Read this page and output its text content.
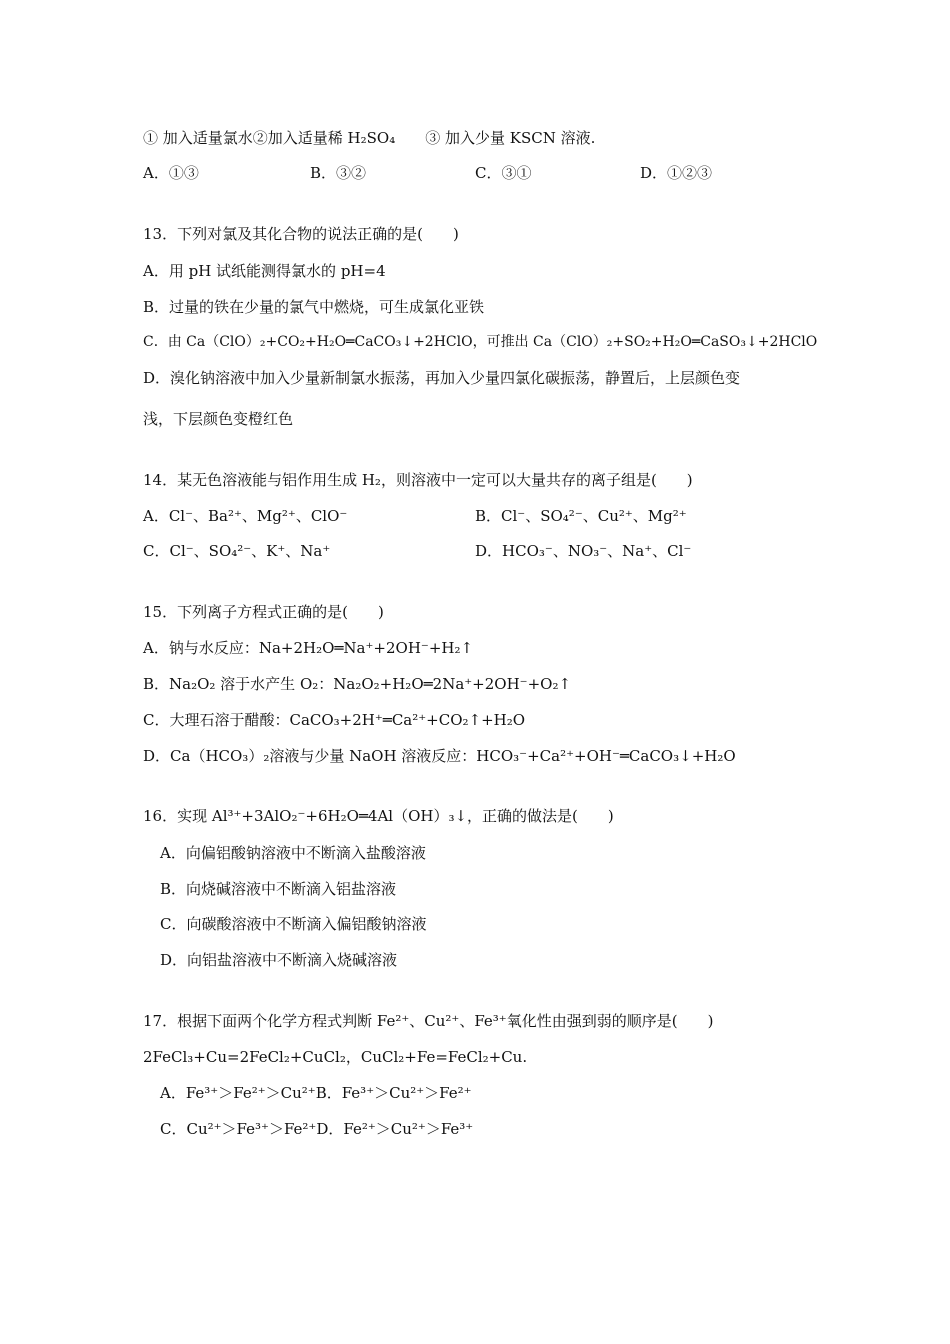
① 加入适量氯水②加入适量稀 H₂SO₄　　③ 加入少量 KSCN 溶液.
A．①③	B．③②	C．③①	D．①②③
13．下列对氯及其化合物的说法正确的是(　　)
A．用 pH 试纸能测得氯水的 pH=4
B．过量的铁在少量的氯气中燃烧，可生成氯化亚铁
C．由 Ca（ClO）₂+CO₂+H₂O═CaCO₃↓+2HClO，可推出 Ca（ClO）₂+SO₂+H₂O═CaSO₃↓+2HClO
D．溴化钠溶液中加入少量新制氯水振荡，再加入少量四氯化碳振荡，静置后，上层颜色变
浅，下层颜色变橙红色
14．某无色溶液能与铝作用生成 H₂，则溶液中一定可以大量共存的离子组是(　　)
A．Cl⁻、Ba²⁺、Mg²⁺、ClO⁻	B．Cl⁻、SO₄²⁻、Cu²⁺、Mg²⁺
C．Cl⁻、SO₄²⁻、K⁺、Na⁺	D．HCO₃⁻、NO₃⁻、Na⁺、Cl⁻
15．下列离子方程式正确的是(　　)
A．钠与水反应：Na+2H₂O═Na⁺+2OH⁻+H₂↑
B．Na₂O₂ 溶于水产生 O₂：Na₂O₂+H₂O═2Na⁺+2OH⁻+O₂↑
C．大理石溶于醋酸：CaCO₃+2H⁺═Ca²⁺+CO₂↑+H₂O
D．Ca（HCO₃）₂溶液与少量 NaOH 溶液反应：HCO₃⁻+Ca²⁺+OH⁻═CaCO₃↓+H₂O
16．实现 Al³⁺+3AlO₂⁻+6H₂O═4Al（OH）₃↓，正确的做法是(　　)
A．向偏铝酸钠溶液中不断滴入盐酸溶液
B．向烧碱溶液中不断滴入铝盐溶液
C．向碳酸溶液中不断滴入偏铝酸钠溶液
D．向铝盐溶液中不断滴入烧碱溶液
17．根据下面两个化学方程式判断 Fe²⁺、Cu²⁺、Fe³⁺氧化性由强到弱的顺序是(　　)
2FeCl₃+Cu=2FeCl₂+CuCl₂，CuCl₂+Fe=FeCl₂+Cu.
A．Fe³⁺＞Fe²⁺＞Cu²⁺B．Fe³⁺＞Cu²⁺＞Fe²⁺
C．Cu²⁺＞Fe³⁺＞Fe²⁺D．Fe²⁺＞Cu²⁺＞Fe³⁺
